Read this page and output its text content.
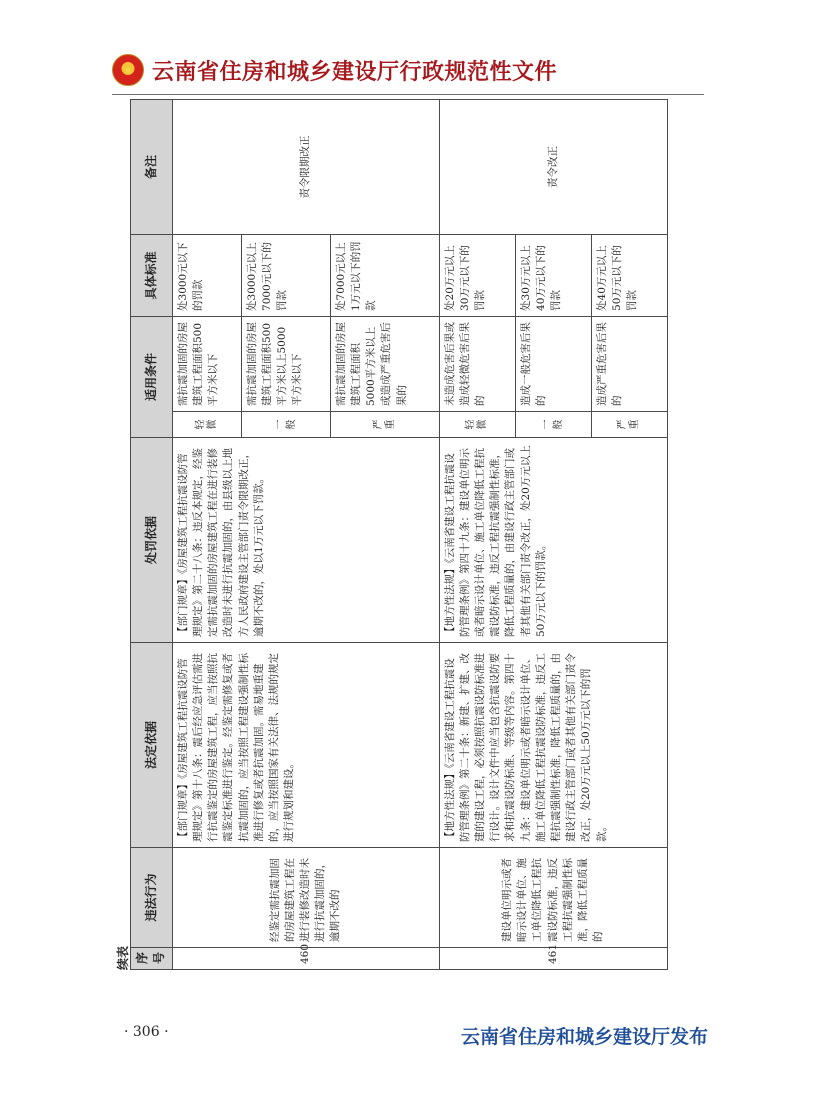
★ 云南省住房和城乡建设厅行政规范性文件
续表 序号	违法行为	法定依据	处罚依据	适用条件		具体标准	备注
460	经鉴定需抗震加固的房屋建筑工程在进行装修改造时未进行抗震加固的，逾期不改的	【部门规章】《房屋建筑工程抗震设防管理规定》第十八条：震后经应急评估需进行抗震鉴定的房屋建筑工程，应当按照抗震鉴定标准进行鉴定。经鉴定需修复或者抗震加固的，应当按照工程建设强制性标准进行修复或者抗震加固。需易地重建的，应当按照国家有关法律、法规的规定进行规划和建设。	【部门规章】《房屋建筑工程抗震设防管理规定》第二十八条：违反本规定，经鉴定需抗震加固的房屋建筑工程在进行装修改造时未进行抗震加固的，由县级以上地方人民政府建设主管部门责令限期改正，逾期不改的，处以1万元以下罚款。	轻微	需抗震加固的房屋建筑工程面积500平方米以下	处3000元以下的罚款	责令限期改正
				一般	需抗震加固的房屋建筑工程面积500平方米以上5000平方米以下	处3000元以上7000元以下的罚款	
				严重	需抗震加固的房屋建筑工程面积5000平方米以上或造成严重危害后果的	处7000元以上1万元以下的罚款	
461	建设单位明示或者暗示设计单位、施工单位降低工程抗震设防标准，违反工程抗震强制性标准，降低工程质量的	【地方性法规】《云南省建设工程抗震设防管理条例》第二十条：新建、扩建、改建的建设工程，必须按照抗震设防标准进行设计。设计文件中应当包含抗震设防要求和抗震设防标准、等级等内容。第四十九条：建设单位明示或者暗示设计单位、施工单位降低工程抗震设防标准，违反工程抗震强制性标准，降低工程质量的，由建设行政主管部门或者其他有关部门责令改正，处20万元以上50万元以下的罚款。	【地方性法规】《云南省建设工程抗震设防管理条例》第四十九条：建设单位明示或者暗示设计单位、施工单位降低工程抗震设防标准，违反工程抗震强制性标准，降低工程质量的，由建设行政主管部门或者其他有关部门责令改正，处20万元以上50万元以下的罚款。	轻微	未造成危害后果或造成轻微危害后果的	处20万元以上30万元以下的罚款	责令改正
				一般	造成一般危害后果的	处30万元以上40万元以下的罚款	
				严重	造成严重危害后果的	处40万元以上50万元以下的罚款	
· 306 ·	云南省住房和城乡建设厅发布
